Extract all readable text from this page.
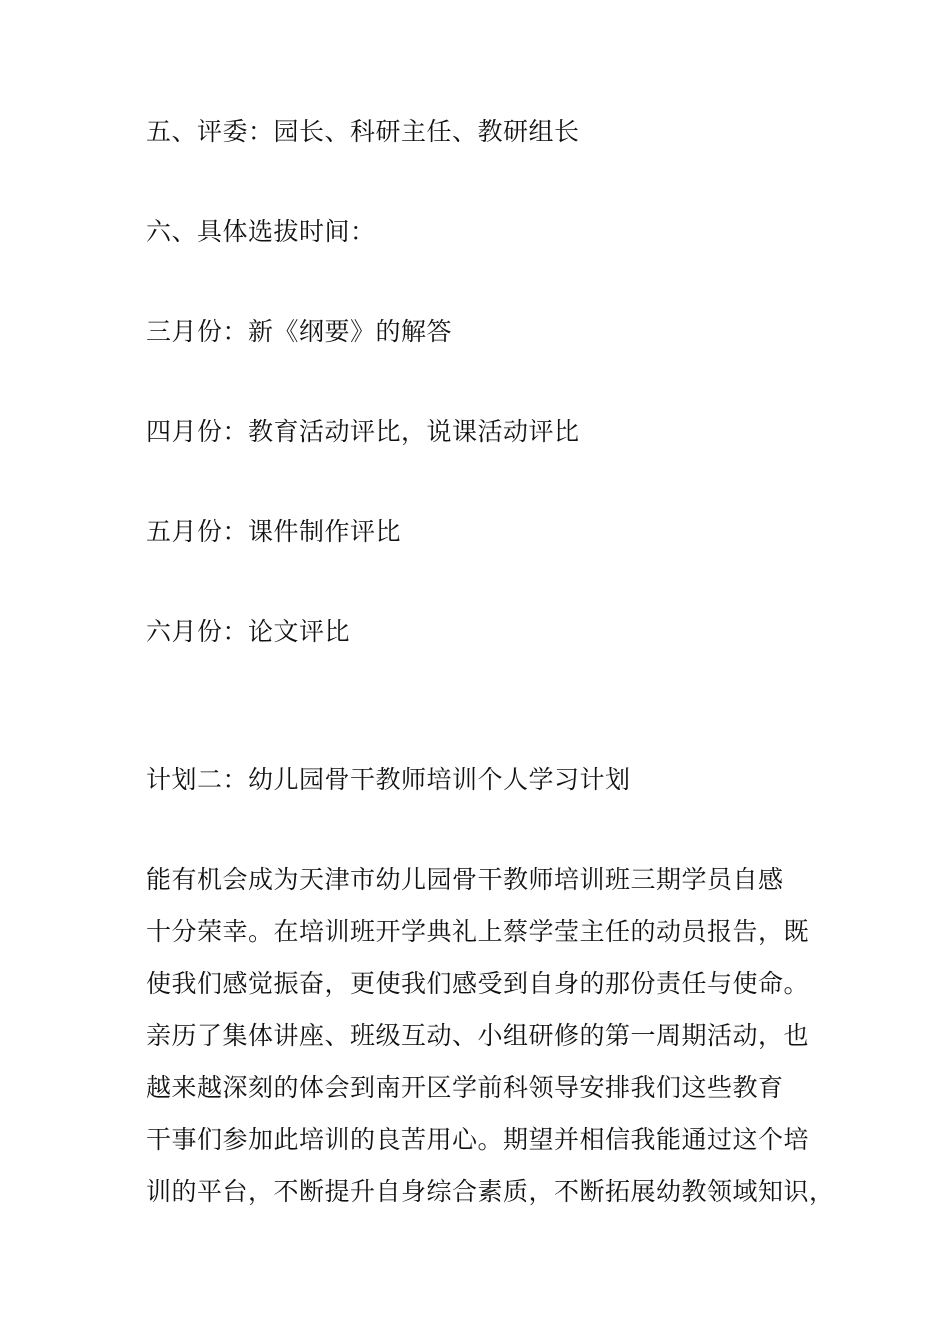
五、评委：园长、科研主任、教研组长
六、具体选拔时间：
三月份：新《纲要》的解答
四月份：教育活动评比，说课活动评比
五月份：课件制作评比
六月份：论文评比
计划二：幼儿园骨干教师培训个人学习计划
能有机会成为天津市幼儿园骨干教师培训班三期学员自感
十分荣幸。在培训班开学典礼上蔡学莹主任的动员报告，既
使我们感觉振奋，更使我们感受到自身的那份责任与使命。
亲历了集体讲座、班级互动、小组研修的第一周期活动，也
越来越深刻的体会到南开区学前科领导安排我们这些教育
干事们参加此培训的良苦用心。期望并相信我能通过这个培
训的平台，不断提升自身综合素质，不断拓展幼教领域知识，
